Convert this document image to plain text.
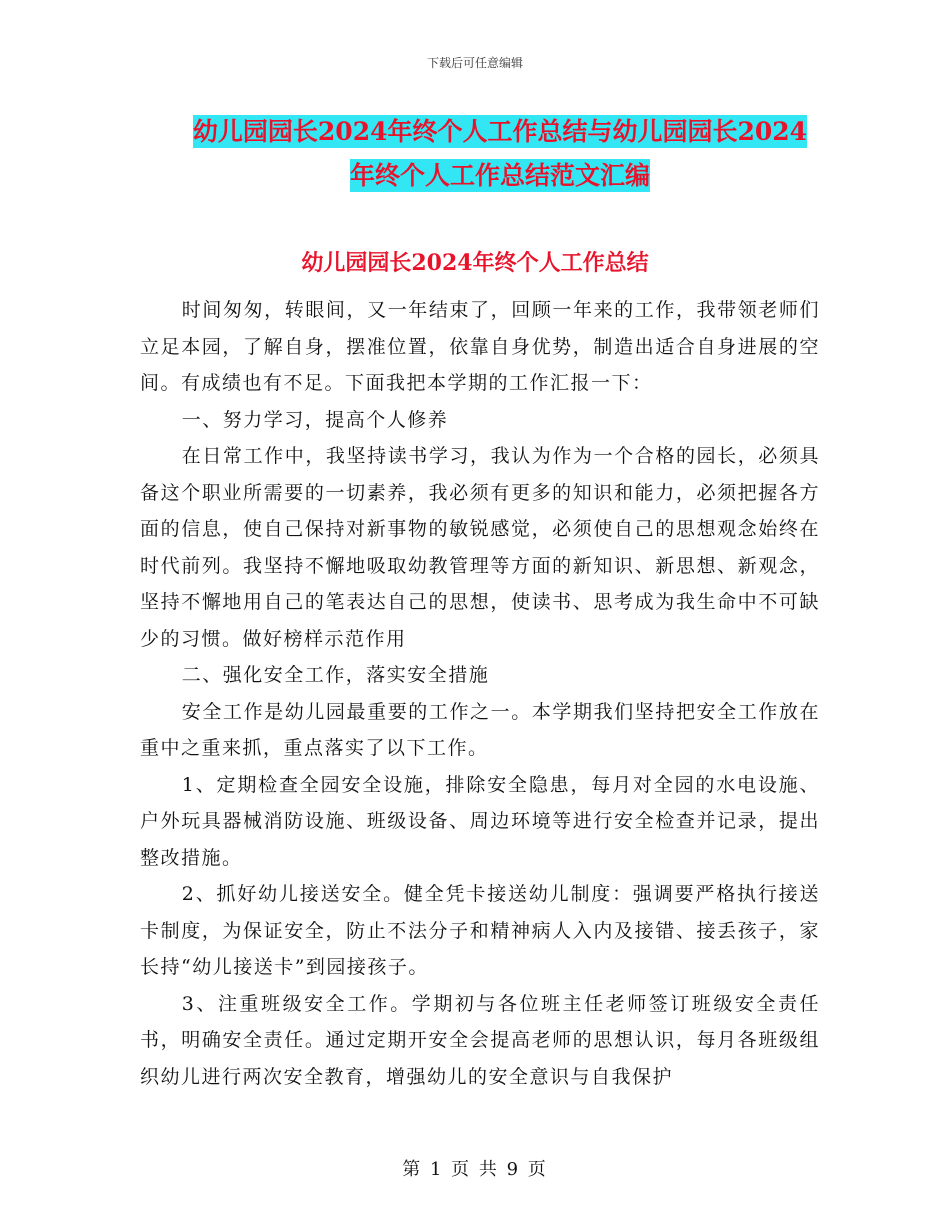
下载后可任意编辑
幼儿园园长2024年终个人工作总结与幼儿园园长2024
年终个人工作总结范文汇编
幼儿园园长2024年终个人工作总结

时间匆匆，转眼间，又一年结束了，回顾一年来的工作，我带领老师们立足本园，了解自身，摆准位置，依靠自身优势，制造出适合自身进展的空间。有成绩也有不足。下面我把本学期的工作汇报一下：

一、努力学习，提高个人修养

在日常工作中，我坚持读书学习，我认为作为一个合格的园长，必须具备这个职业所需要的一切素养，我必须有更多的知识和能力，必须把握各方面的信息，使自己保持对新事物的敏锐感觉，必须使自己的思想观念始终在时代前列。我坚持不懈地吸取幼教管理等方面的新知识、新思想、新观念，坚持不懈地用自己的笔表达自己的思想，使读书、思考成为我生命中不可缺少的习惯。做好榜样示范作用

二、强化安全工作，落实安全措施

安全工作是幼儿园最重要的工作之一。本学期我们坚持把安全工作放在重中之重来抓，重点落实了以下工作。

1、定期检查全园安全设施，排除安全隐患，每月对全园的水电设施、户外玩具器械消防设施、班级设备、周边环境等进行安全检查并记录，提出整改措施。

2、抓好幼儿接送安全。健全凭卡接送幼儿制度：强调要严格执行接送卡制度，为保证安全，防止不法分子和精神病人入内及接错、接丢孩子，家长持“幼儿接送卡”到园接孩子。

3、注重班级安全工作。学期初与各位班主任老师签订班级安全责任书，明确安全责任。通过定期开安全会提高老师的思想认识，每月各班级组织幼儿进行两次安全教育，增强幼儿的安全意识与自我保护

第 1 页 共 9 页
